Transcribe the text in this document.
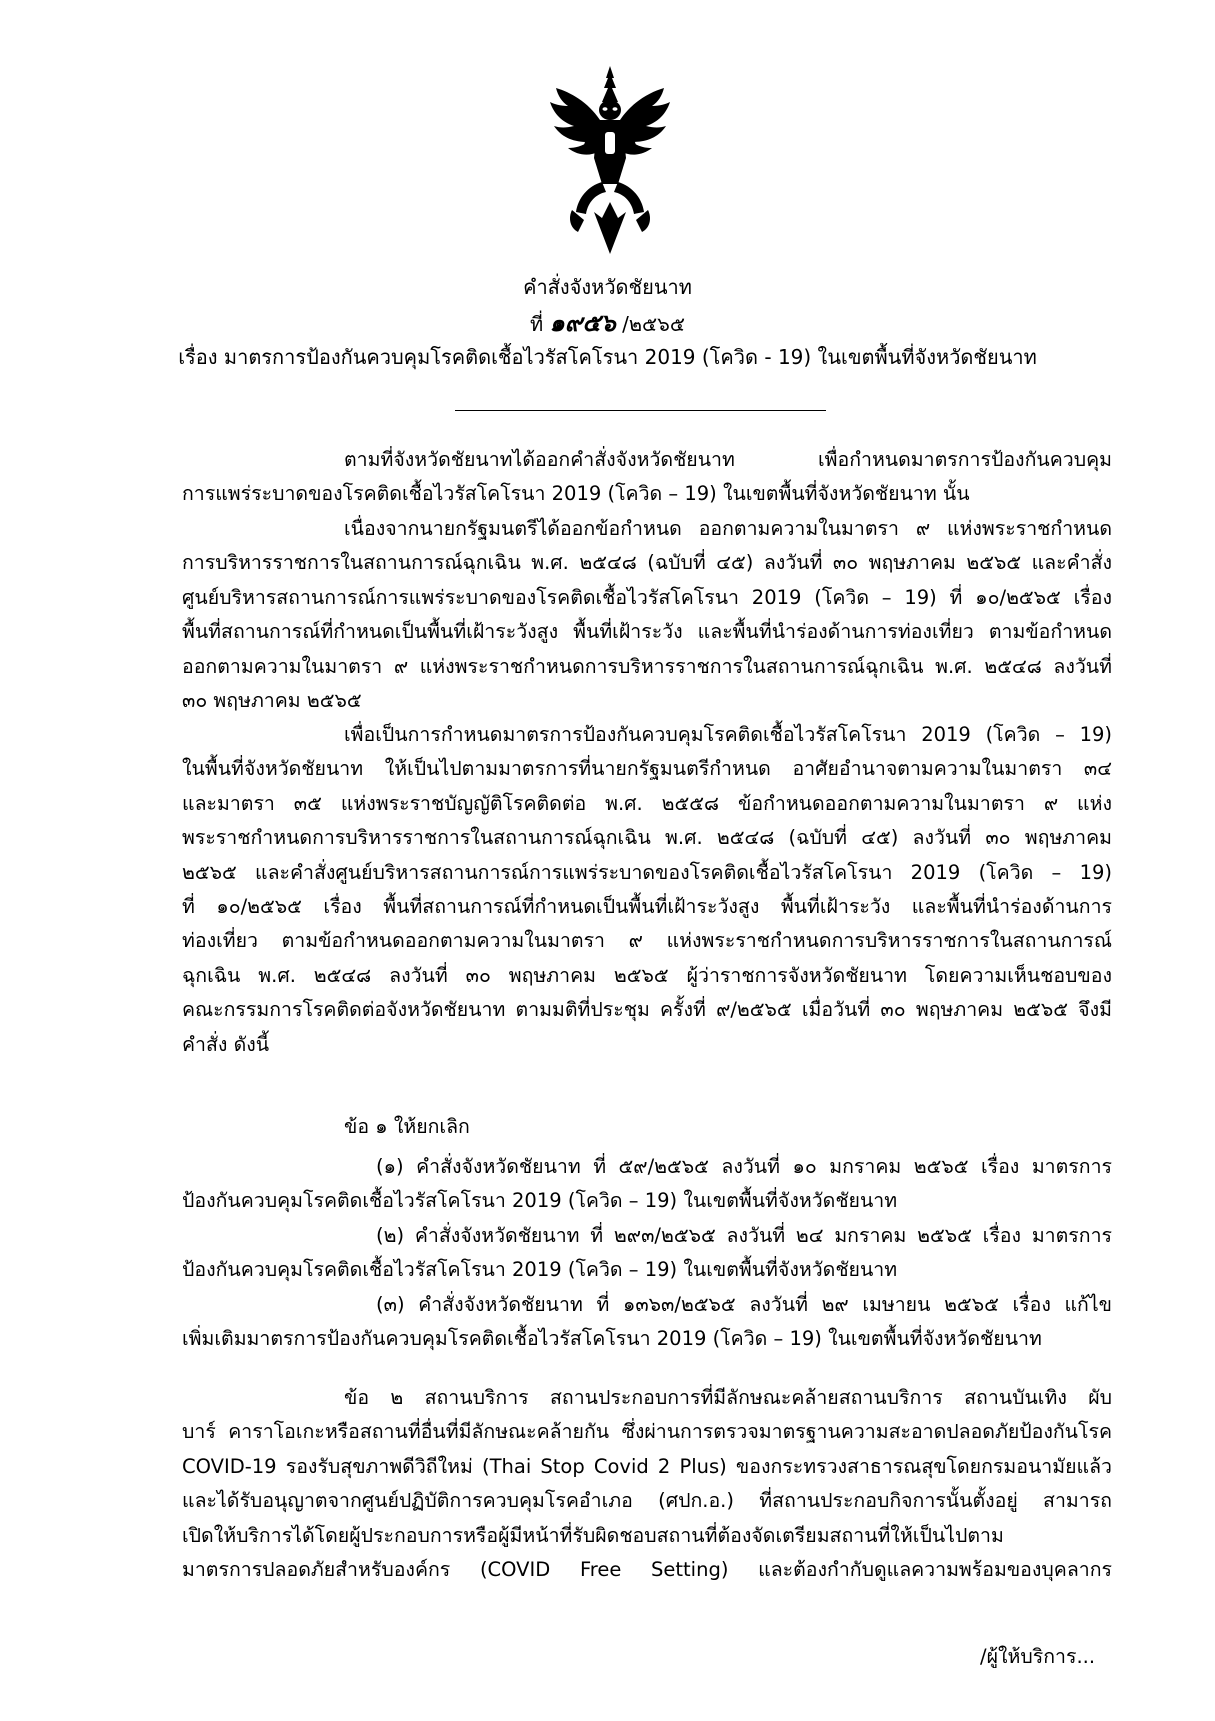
คำสั่งจังหวัดชัยนาท
ที่ ๑๙๕๖ /๒๕๖๕
เรื่อง มาตรการป้องกันควบคุมโรคติดเชื้อไวรัสโคโรนา 2019 (โควิด - 19) ในเขตพื้นที่จังหวัดชัยนาท
ตามที่จังหวัดชัยนาทได้ออกคำสั่งจังหวัดชัยนาท เพื่อกำหนดมาตรการป้องกันควบคุม
การแพร่ระบาดของโรคติดเชื้อไวรัสโคโรนา 2019 (โควิด – 19) ในเขตพื้นที่จังหวัดชัยนาท นั้น
เนื่องจากนายกรัฐมนตรีได้ออกข้อกำหนด ออกตามความในมาตรา ๙ แห่งพระราชกำหนด
การบริหารราชการในสถานการณ์ฉุกเฉิน พ.ศ. ๒๕๔๘ (ฉบับที่ ๔๕) ลงวันที่ ๓๐ พฤษภาคม ๒๕๖๕ และคำสั่ง
ศูนย์บริหารสถานการณ์การแพร่ระบาดของโรคติดเชื้อไวรัสโคโรนา 2019 (โควิด – 19) ที่ ๑๐/๒๕๖๕ เรื่อง
พื้นที่สถานการณ์ที่กำหนดเป็นพื้นที่เฝ้าระวังสูง พื้นที่เฝ้าระวัง และพื้นที่นำร่องด้านการท่องเที่ยว ตามข้อกำหนด
ออกตามความในมาตรา ๙ แห่งพระราชกำหนดการบริหารราชการในสถานการณ์ฉุกเฉิน พ.ศ. ๒๕๔๘ ลงวันที่
๓๐ พฤษภาคม ๒๕๖๕
เพื่อเป็นการกำหนดมาตรการป้องกันควบคุมโรคติดเชื้อไวรัสโคโรนา 2019 (โควิด – 19)
ในพื้นที่จังหวัดชัยนาท ให้เป็นไปตามมาตรการที่นายกรัฐมนตรีกำหนด อาศัยอำนาจตามความในมาตรา ๓๔
และมาตรา ๓๕ แห่งพระราชบัญญัติโรคติดต่อ พ.ศ. ๒๕๕๘ ข้อกำหนดออกตามความในมาตรา ๙ แห่ง
พระราชกำหนดการบริหารราชการในสถานการณ์ฉุกเฉิน พ.ศ. ๒๕๔๘ (ฉบับที่ ๔๕) ลงวันที่ ๓๐ พฤษภาคม
๒๕๖๕ และคำสั่งศูนย์บริหารสถานการณ์การแพร่ระบาดของโรคติดเชื้อไวรัสโคโรนา 2019 (โควิด – 19)
ที่ ๑๐/๒๕๖๕ เรื่อง พื้นที่สถานการณ์ที่กำหนดเป็นพื้นที่เฝ้าระวังสูง พื้นที่เฝ้าระวัง และพื้นที่นำร่องด้านการ
ท่องเที่ยว ตามข้อกำหนดออกตามความในมาตรา ๙ แห่งพระราชกำหนดการบริหารราชการในสถานการณ์
ฉุกเฉิน พ.ศ. ๒๕๔๘ ลงวันที่ ๓๐ พฤษภาคม ๒๕๖๕ ผู้ว่าราชการจังหวัดชัยนาท โดยความเห็นชอบของ
คณะกรรมการโรคติดต่อจังหวัดชัยนาท ตามมติที่ประชุม ครั้งที่ ๙/๒๕๖๕ เมื่อวันที่ ๓๐ พฤษภาคม ๒๕๖๕ จึงมี
คำสั่ง ดังนี้
ข้อ ๑ ให้ยกเลิก
(๑) คำสั่งจังหวัดชัยนาท ที่ ๕๙/๒๕๖๕ ลงวันที่ ๑๐ มกราคม ๒๕๖๕ เรื่อง มาตรการ
ป้องกันควบคุมโรคติดเชื้อไวรัสโคโรนา 2019 (โควิด – 19) ในเขตพื้นที่จังหวัดชัยนาท
(๒) คำสั่งจังหวัดชัยนาท ที่ ๒๙๓/๒๕๖๕ ลงวันที่ ๒๔ มกราคม ๒๕๖๕ เรื่อง มาตรการ
ป้องกันควบคุมโรคติดเชื้อไวรัสโคโรนา 2019 (โควิด – 19) ในเขตพื้นที่จังหวัดชัยนาท
(๓) คำสั่งจังหวัดชัยนาท ที่ ๑๓๖๓/๒๕๖๕ ลงวันที่ ๒๙ เมษายน ๒๕๖๕ เรื่อง แก้ไข
เพิ่มเติมมาตรการป้องกันควบคุมโรคติดเชื้อไวรัสโคโรนา 2019 (โควิด – 19) ในเขตพื้นที่จังหวัดชัยนาท
ข้อ ๒ สถานบริการ สถานประกอบการที่มีลักษณะคล้ายสถานบริการ สถานบันเทิง ผับ
บาร์ คาราโอเกะหรือสถานที่อื่นที่มีลักษณะคล้ายกัน ซึ่งผ่านการตรวจมาตรฐานความสะอาดปลอดภัยป้องกันโรค
COVID-19 รองรับสุขภาพดีวิถีใหม่ (Thai Stop Covid 2 Plus) ของกระทรวงสาธารณสุขโดยกรมอนามัยแล้ว
และได้รับอนุญาตจากศูนย์ปฏิบัติการควบคุมโรคอำเภอ (ศปก.อ.) ที่สถานประกอบกิจการนั้นตั้งอยู่ สามารถ
เปิดให้บริการได้โดยผู้ประกอบการหรือผู้มีหน้าที่รับผิดชอบสถานที่ต้องจัดเตรียมสถานที่ให้เป็นไปตาม
มาตรการปลอดภัยสำหรับองค์กร (COVID Free Setting) และต้องกำกับดูแลความพร้อมของบุคลากร
/ผู้ให้บริการ...
